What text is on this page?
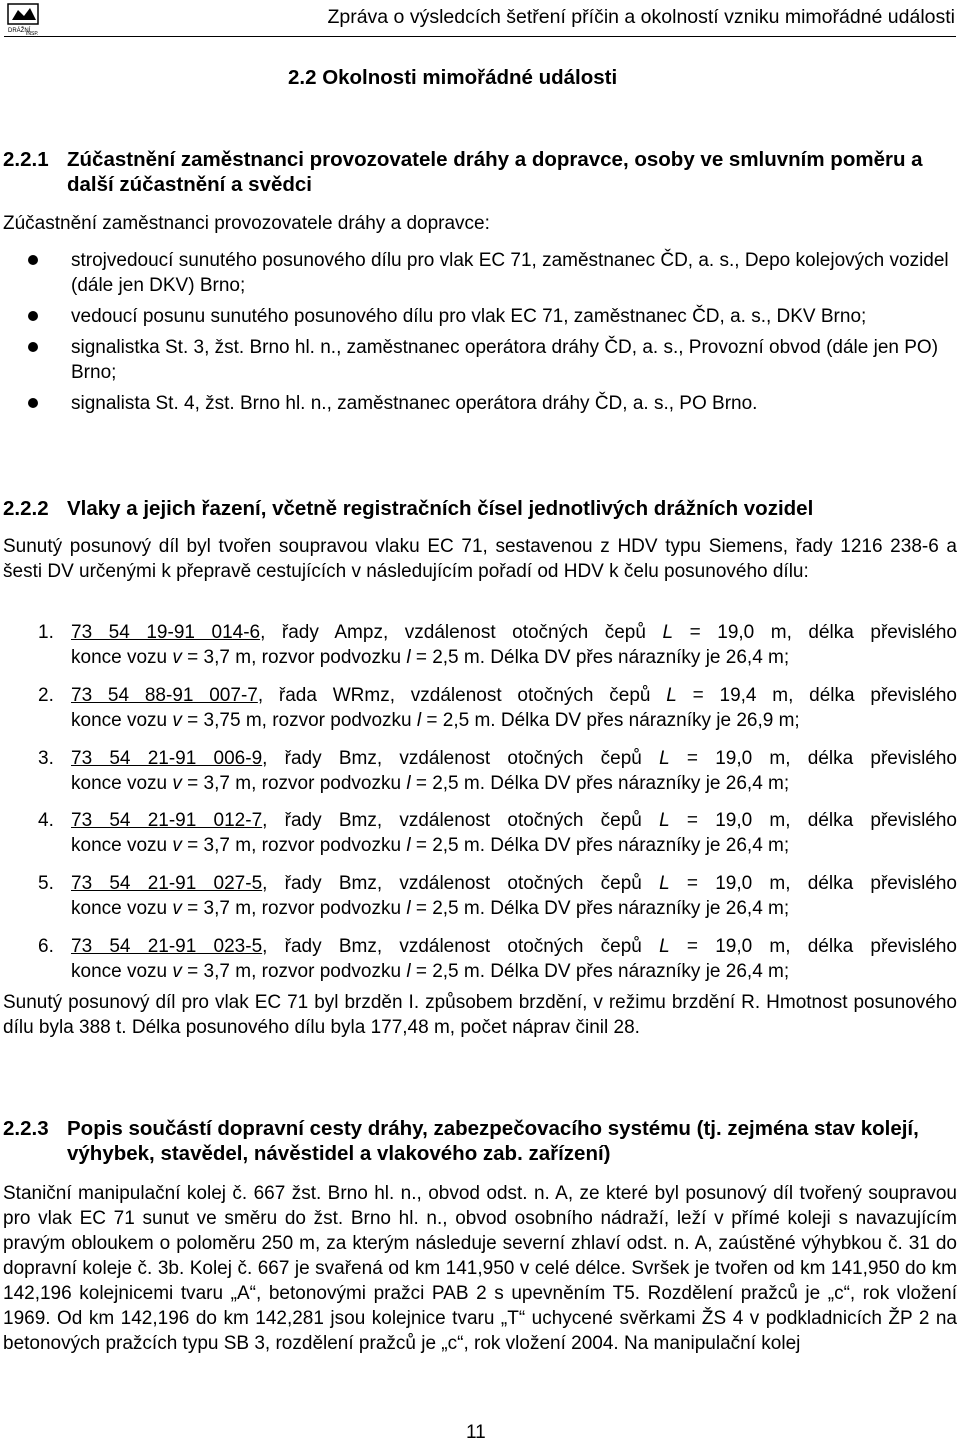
DRÁŽNÍ
INSP.
Zpráva o výsledcích šetření příčin a okolností vzniku mimořádné události
2.2 Okolnosti mimořádné události
2.2.1 Zúčastnění zaměstnanci provozovatele dráhy a dopravce, osoby ve smluvním poměru a další zúčastnění a svědci
Zúčastnění zaměstnanci provozovatele dráhy a dopravce:
strojvedoucí sunutého posunového dílu pro vlak EC 71, zaměstnanec ČD, a. s., Depo kolejových vozidel (dále jen DKV) Brno;
vedoucí posunu sunutého posunového dílu pro vlak EC 71, zaměstnanec ČD, a. s., DKV Brno;
signalistka St. 3, žst. Brno hl. n., zaměstnanec operátora dráhy ČD, a. s., Provozní obvod (dále jen PO) Brno;
signalista St. 4, žst. Brno hl. n., zaměstnanec operátora dráhy ČD, a. s., PO Brno.
2.2.2 Vlaky a jejich řazení, včetně registračních čísel jednotlivých drážních vozidel
Sunutý posunový díl byl tvořen soupravou vlaku EC 71, sestavenou z HDV typu Siemens, řady 1216 238-6 a šesti DV určenými k přepravě cestujících v následujícím pořadí od HDV k čelu posunového dílu:
1. 73 54 19-91 014-6, řady Ampz, vzdálenost otočných čepů L = 19,0 m, délka převislého
konce vozu v = 3,7 m, rozvor podvozku l = 2,5 m. Délka DV přes nárazníky je 26,4 m;
2. 73 54 88-91 007-7, řada WRmz, vzdálenost otočných čepů L = 19,4 m, délka převislého
konce vozu v = 3,75 m, rozvor podvozku l = 2,5 m. Délka DV přes nárazníky je 26,9 m;
3. 73 54 21-91 006-9, řady Bmz, vzdálenost otočných čepů L = 19,0 m, délka převislého
konce vozu v = 3,7 m, rozvor podvozku l = 2,5 m. Délka DV přes nárazníky je 26,4 m;
4. 73 54 21-91 012-7, řady Bmz, vzdálenost otočných čepů L = 19,0 m, délka převislého
konce vozu v = 3,7 m, rozvor podvozku l = 2,5 m. Délka DV přes nárazníky je 26,4 m;
5. 73 54 21-91 027-5, řady Bmz, vzdálenost otočných čepů L = 19,0 m, délka převislého
konce vozu v = 3,7 m, rozvor podvozku l = 2,5 m. Délka DV přes nárazníky je 26,4 m;
6. 73 54 21-91 023-5, řady Bmz, vzdálenost otočných čepů L = 19,0 m, délka převislého
konce vozu v = 3,7 m, rozvor podvozku l = 2,5 m. Délka DV přes nárazníky je 26,4 m;
Sunutý posunový díl pro vlak EC 71 byl brzděn I. způsobem brzdění, v režimu brzdění R. Hmotnost posunového dílu byla 388 t. Délka posunového dílu byla 177,48 m, počet náprav činil 28.
2.2.3 Popis součástí dopravní cesty dráhy, zabezpečovacího systému (tj. zejména stav kolejí, výhybek, stavědel, návěstidel a vlakového zab. zařízení)
Staniční manipulační kolej č. 667 žst. Brno hl. n., obvod odst. n. A, ze které byl posunový díl tvořený soupravou pro vlak EC 71 sunut ve směru do žst. Brno hl. n., obvod osobního nádraží, leží v přímé koleji s navazujícím pravým obloukem o poloměru 250 m, za kterým následuje severní zhlaví odst. n. A, zaústěné výhybkou č. 31 do dopravní koleje č. 3b. Kolej č. 667 je svařená od km 141,950 v celé délce. Svršek je tvořen od km 141,950 do km 142,196 kolejnicemi tvaru „A“, betonovými pražci PAB 2 s upevněním T5. Rozdělení pražců je „c“, rok vložení 1969. Od km 142,196 do km 142,281 jsou kolejnice tvaru „T“ uchycené svěrkami ŽS 4 v podkladnicích ŽP 2 na betonových pražcích typu SB 3, rozdělení pražců je „c“, rok vložení 2004. Na manipulační kolej
11
